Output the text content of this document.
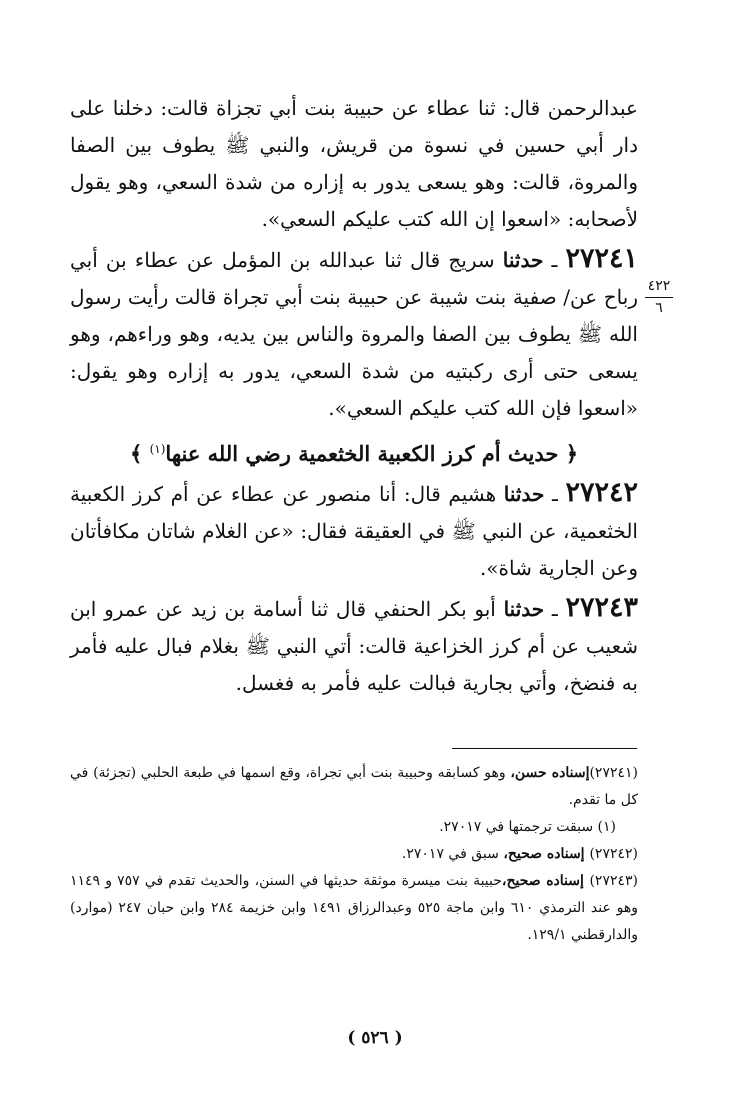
عبدالرحمن قال: ثنا عطاء عن حبيبة بنت أبي تجزاة قالت: دخلنا على دار أبي حسين في نسوة من قريش، والنبي ﷺ يطوف بين الصفا والمروة، قالت: وهو يسعى يدور به إزاره من شدة السعي، وهو يقول لأصحابه: «اسعوا إن الله كتب عليكم السعي».

٢٧٢٤١ ـ حدثنا سريج قال ثنا عبدالله بن المؤمل عن عطاء بن أبي رباح عن/ صفية بنت شيبة عن حبيبة بنت أبي تجراة قالت رأيت رسول الله ﷺ يطوف بين الصفا والمروة والناس بين يديه، وهو وراءهم، وهو يسعى حتى أرى ركبتيه من شدة السعي، يدور به إزاره وهو يقول: «اسعوا فإن الله كتب عليكم السعي».

﴿ حديث أم كرز الكعبية الخثعمية رضي الله عنها$^{(١)}$ ﴾

٢٧٢٤٢ ـ حدثنا هشيم قال: أنا منصور عن عطاء عن أم كرز الكعبية الخثعمية، عن النبي ﷺ في العقيقة فقال: «عن الغلام شاتان مكافأتان وعن الجارية شاة».

٢٧٢٤٣ ـ حدثنا أبو بكر الحنفي قال ثنا أسامة بن زيد عن عمرو ابن شعيب عن أم كرز الخزاعية قالت: أتي النبي ﷺ بغلام فبال عليه فأمر به فنضخ، وأتي بجارية فبالت عليه فأمر به فغسل.

٤٢٢
٦

(٢٧٢٤١)إسناده حسن، وهو كسابقه وحبيبة بنت أبي تجراة، وقع اسمها في طبعة الحلبي (تجزئة) في كل ما تقدم.

(١) سبقت ترجمتها في ٢٧٠١٧.

(٢٧٢٤٢) إسناده صحيح، سبق في ٢٧٠١٧.

(٢٧٢٤٣) إسناده صحيح،حبيبة بنت ميسرة موثقة حديثها في السنن، والحديث تقدم في ٧٥٧ و ١١٤٩ وهو عند الترمذي ٦١٠ وابن ماجة ٥٢٥ وعبدالرزاق ١٤٩١ وابن خزيمة ٢٨٤ وابن حبان ٢٤٧ (موارد) والدارقطني ١٢٩/١.

( ٥٢٦ )
